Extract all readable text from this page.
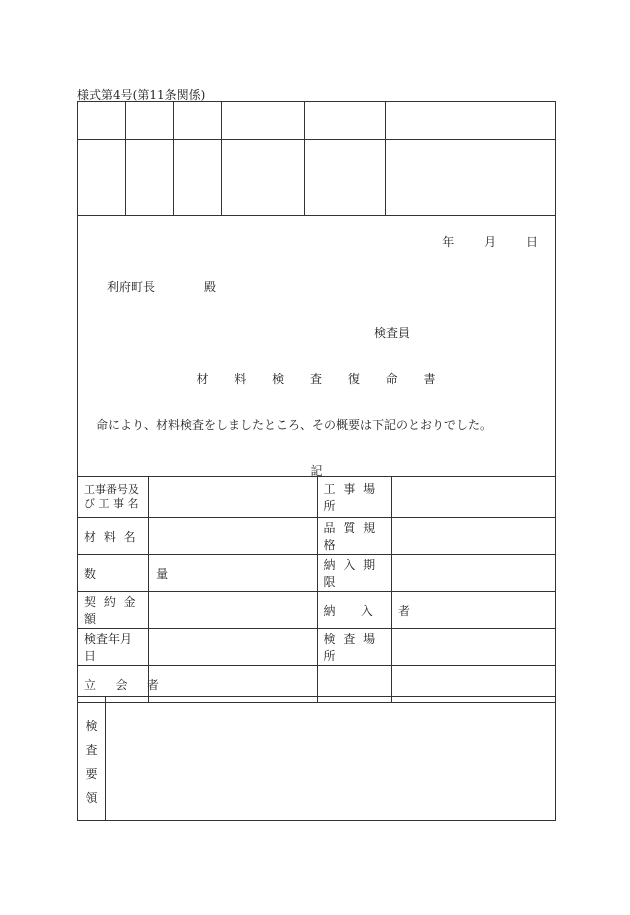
様式第4号(第11条関係)

年 月 日
利府町長	殿
検査員
材 料 検 査 復 命 書
命により、材料検査をしましたところ、その概要は下記のとおりでした。
記
工事番号及
び 工 事 名		工 事 場 所	
材 料 名		品 質 規 格	
数          量		納 入 期 限	
契 約 金 額		納    入    者	
検査年月日		検 査 場 所	
立   会   者			
検
査
要
領
